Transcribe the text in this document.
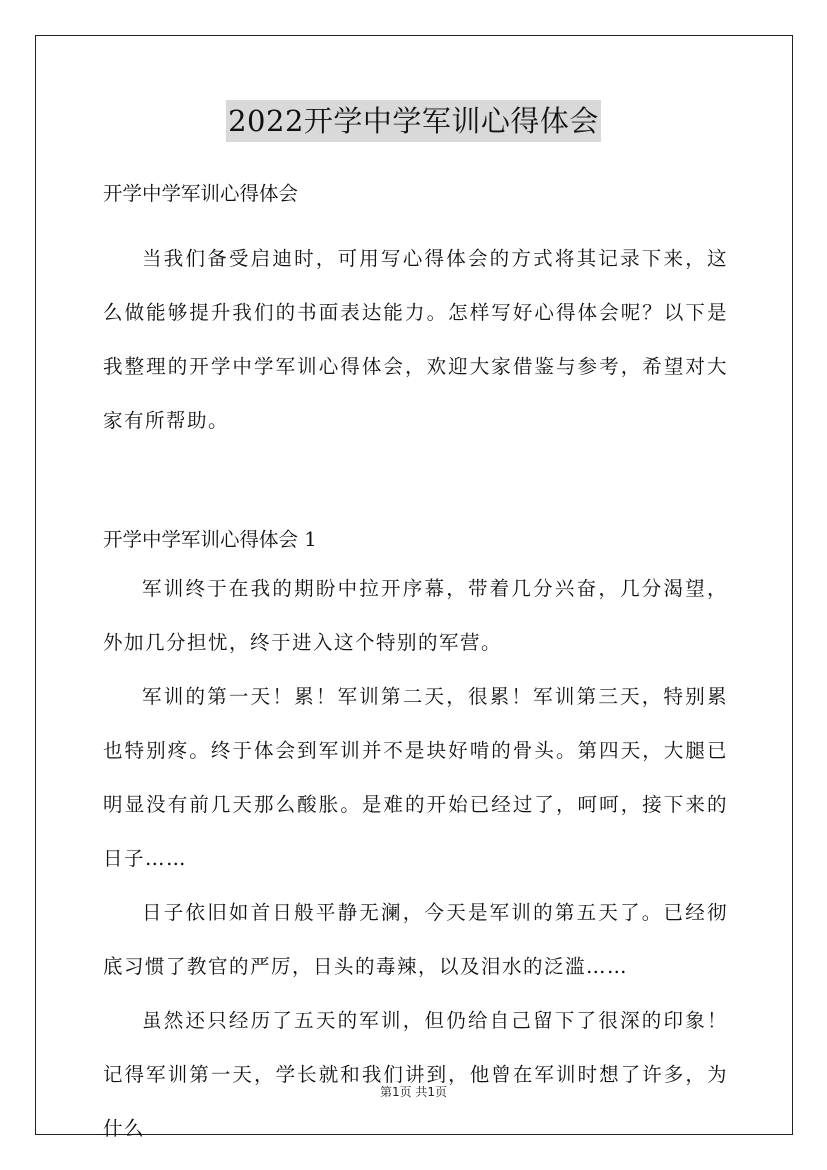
2022开学中学军训心得体会

开学中学军训心得体会

当我们备受启迪时，可用写心得体会的方式将其记录下来，这么做能够提升我们的书面表达能力。怎样写好心得体会呢？以下是我整理的开学中学军训心得体会，欢迎大家借鉴与参考，希望对大家有所帮助。

开学中学军训心得体会 1

军训终于在我的期盼中拉开序幕，带着几分兴奋，几分渴望，外加几分担忧，终于进入这个特别的军营。

军训的第一天！累！军训第二天，很累！军训第三天，特别累也特别疼。终于体会到军训并不是块好啃的骨头。第四天，大腿已明显没有前几天那么酸胀。是难的开始已经过了，呵呵，接下来的日子……

日子依旧如首日般平静无澜，今天是军训的第五天了。已经彻底习惯了教官的严厉，日头的毒辣，以及泪水的泛滥……

虽然还只经历了五天的军训，但仍给自己留下了很深的印象！记得军训第一天，学长就和我们讲到，他曾在军训时想了许多，为什么

第1页 共1页
